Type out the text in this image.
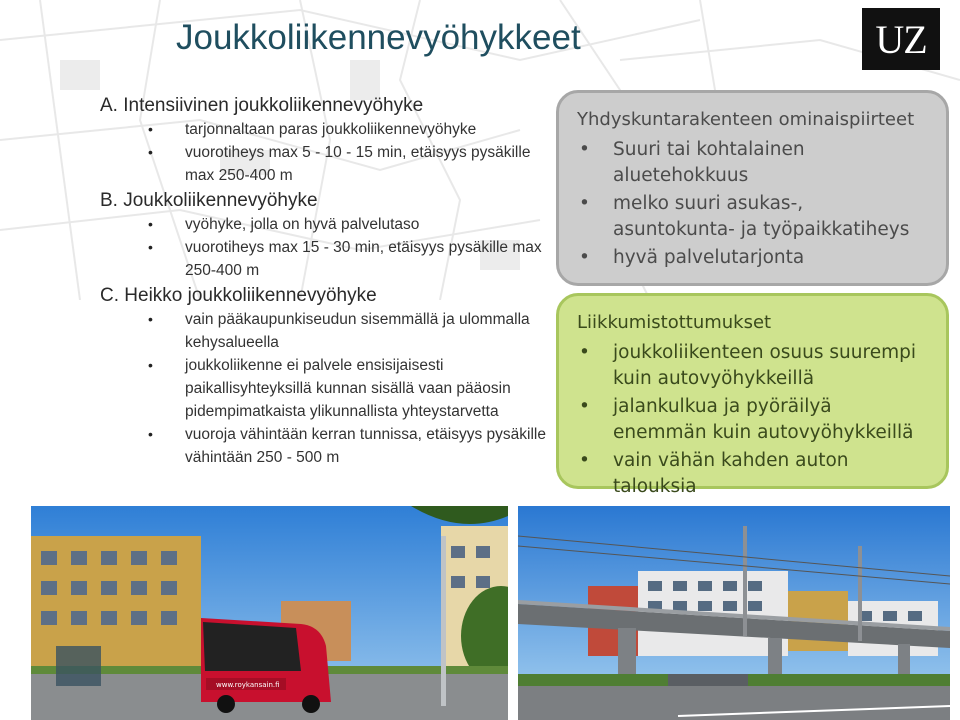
Joukkoliikennevyöhykkeet	UZ
A. Intensiivinen joukkoliikennevyöhyke
• tarjonnaltaan paras joukkoliikennevyöhyke
• vuorotiheys max 5 - 10 - 15 min, etäisyys pysäkille max 250-400 m
B. Joukkoliikennevyöhyke
• vyöhyke, jolla on hyvä palvelutaso
• vuorotiheys max 15 - 30 min, etäisyys pysäkille max 250-400 m
C. Heikko joukkoliikennevyöhyke
• vain pääkaupunkiseudun sisemmällä ja ulommalla kehysalueella
• joukkoliikenne ei palvele ensisijaisesti paikallisyhteyksillä kunnan sisällä vaan pääosin pidempimatkaista ylikunnallista yhteystarvetta
• vuoroja vähintään kerran tunnissa, etäisyys pysäkille vähintään 250 - 500 m
Yhdyskuntarakenteen ominaispiirteet
• Suuri tai kohtalainen aluetehokkuus
• melko suuri asukas-, asuntokunta- ja työpaikkatiheys
• hyvä palvelutarjonta
Liikkumistottumukset
• joukkoliikenteen osuus suurempi kuin autovyöhykkeillä
• jalankulkua ja pyöräilyä enemmän kuin autovyöhykkeillä
• vain vähän kahden auton talouksia
www.roykansain.fi
